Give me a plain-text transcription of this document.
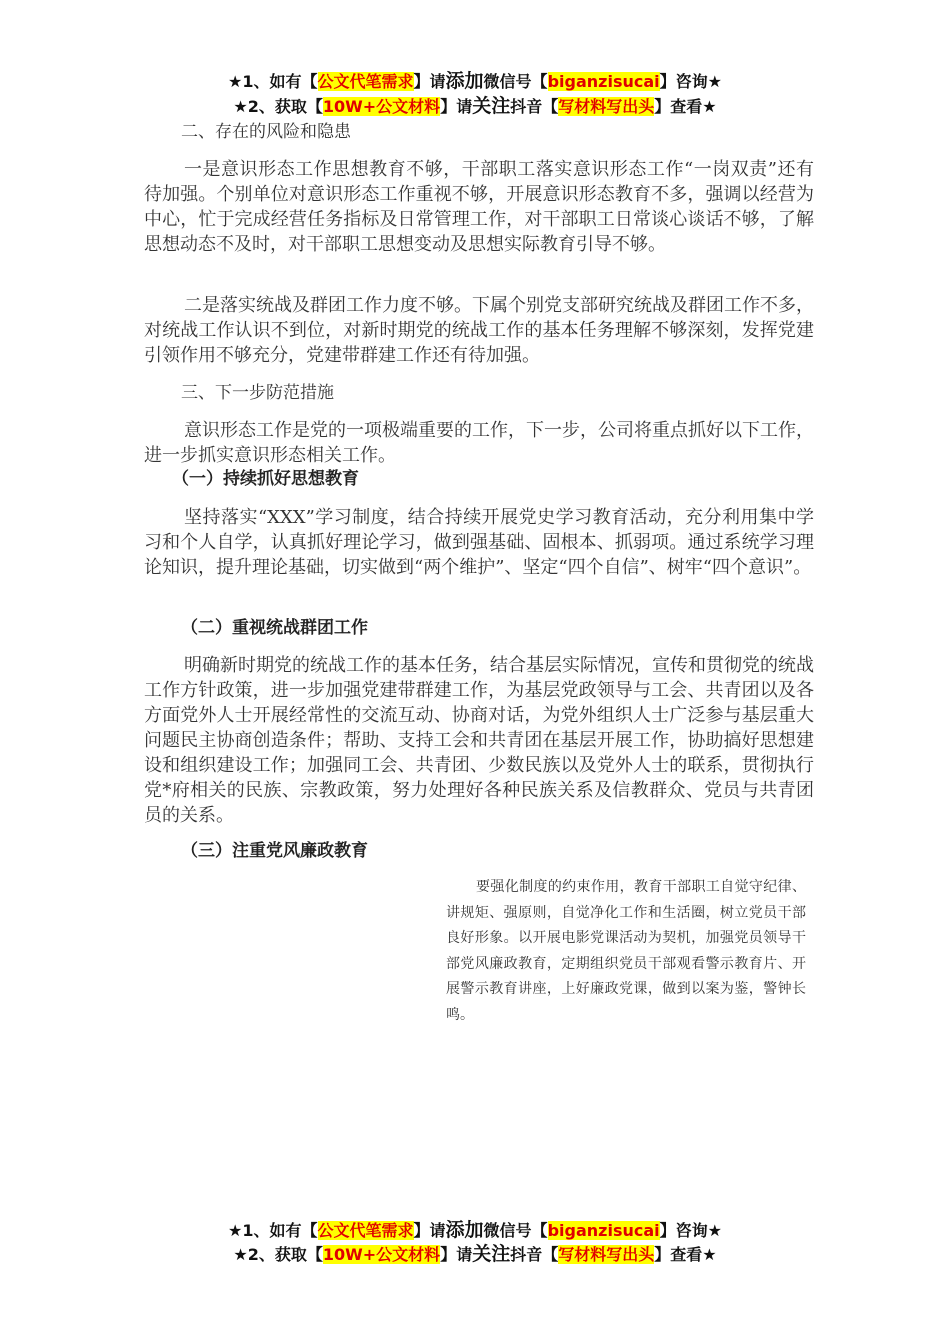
★1、如有【公文代笔需求】请添加微信号【biganzisucai】咨询★
★2、获取【10W+公文材料】请关注抖音【写材料写出头】查看★
二、存在的风险和隐患

一是意识形态工作思想教育不够，干部职工落实意识形态工作“一岗双责”还有待加强。个别单位对意识形态工作重视不够，开展意识形态教育不多，强调以经营为中心，忙于完成经营任务指标及日常管理工作，对干部职工日常谈心谈话不够，了解思想动态不及时，对干部职工思想变动及思想实际教育引导不够。

二是落实统战及群团工作力度不够。下属个别党支部研究统战及群团工作不多，对统战工作认识不到位，对新时期党的统战工作的基本任务理解不够深刻，发挥党建引领作用不够充分，党建带群建工作还有待加强。

三、下一步防范措施

意识形态工作是党的一项极端重要的工作，下一步，公司将重点抓好以下工作，进一步抓实意识形态相关工作。

（一）持续抓好思想教育

坚持落实“XXX”学习制度，结合持续开展党史学习教育活动，充分利用集中学习和个人自学，认真抓好理论学习，做到强基础、固根本、抓弱项。通过系统学习理论知识，提升理论基础，切实做到“两个维护”、坚定“四个自信”、树牢“四个意识”。

（二）重视统战群团工作

明确新时期党的统战工作的基本任务，结合基层实际情况，宣传和贯彻党的统战工作方针政策，进一步加强党建带群建工作，为基层党政领导与工会、共青团以及各方面党外人士开展经常性的交流互动、协商对话，为党外组织人士广泛参与基层重大问题民主协商创造条件；帮助、支持工会和共青团在基层开展工作，协助搞好思想建设和组织建设工作；加强同工会、共青团、少数民族以及党外人士的联系，贯彻执行党*府相关的民族、宗教政策，努力处理好各种民族关系及信教群众、党员与共青团员的关系。

（三）注重党风廉政教育

要强化制度的约束作用，教育干部职工自觉守纪律、讲规矩、强原则，自觉净化工作和生活圈，树立党员干部良好形象。以开展电影党课活动为契机，加强党员领导干部党风廉政教育，定期组织党员干部观看警示教育片、开展警示教育讲座，上好廉政党课，做到以案为鉴，警钟长鸣。

★1、如有【公文代笔需求】请添加微信号【biganzisucai】咨询★
★2、获取【10W+公文材料】请关注抖音【写材料写出头】查看★
